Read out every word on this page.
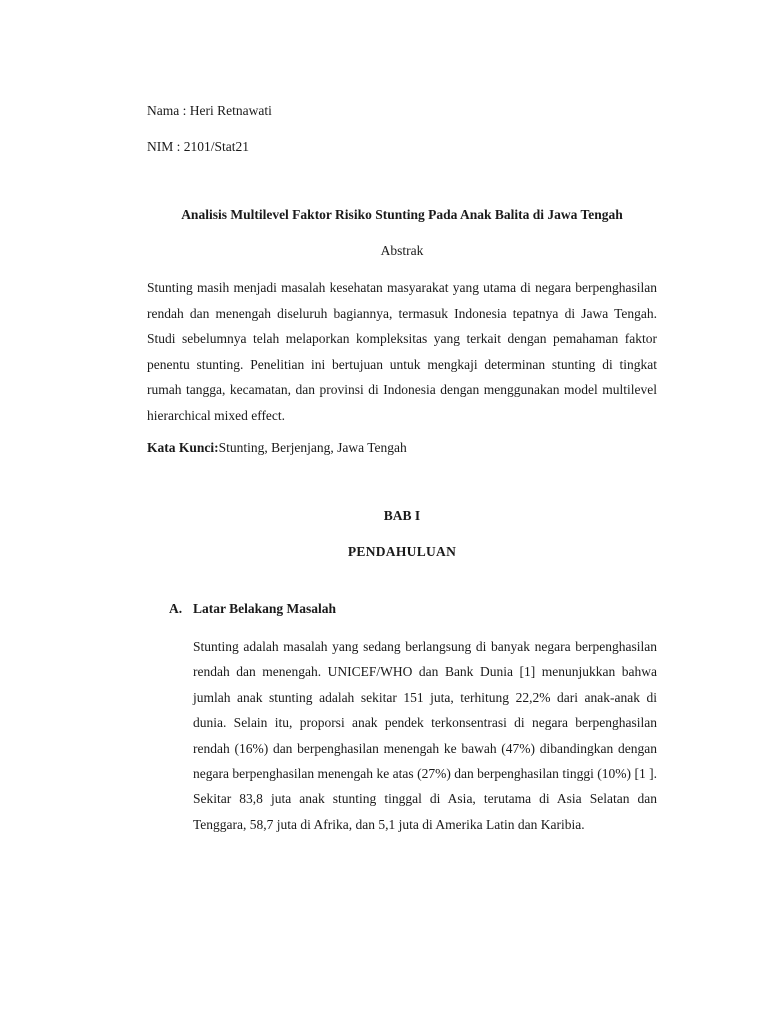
Nama : Heri Retnawati
NIM : 2101/Stat21
Analisis Multilevel Faktor Risiko Stunting Pada Anak Balita di Jawa Tengah
Abstrak
Stunting masih menjadi masalah kesehatan masyarakat yang utama di negara berpenghasilan rendah dan menengah diseluruh bagiannya, termasuk Indonesia tepatnya di Jawa Tengah. Studi sebelumnya telah melaporkan kompleksitas yang terkait dengan pemahaman faktor penentu stunting. Penelitian ini bertujuan untuk mengkaji determinan stunting di tingkat rumah tangga, kecamatan, dan provinsi di Indonesia dengan menggunakan model multilevel hierarchical mixed effect.
Kata Kunci:Stunting, Berjenjang, Jawa Tengah
BAB I
PENDAHULUAN
A. Latar Belakang Masalah
Stunting adalah masalah yang sedang berlangsung di banyak negara berpenghasilan rendah dan menengah. UNICEF/WHO dan Bank Dunia [1] menunjukkan bahwa jumlah anak stunting adalah sekitar 151 juta, terhitung 22,2% dari anak-anak di dunia. Selain itu, proporsi anak pendek terkonsentrasi di negara berpenghasilan rendah (16%) dan berpenghasilan menengah ke bawah (47%) dibandingkan dengan negara berpenghasilan menengah ke atas (27%) dan berpenghasilan tinggi (10%) [1 ]. Sekitar 83,8 juta anak stunting tinggal di Asia, terutama di Asia Selatan dan Tenggara, 58,7 juta di Afrika, dan 5,1 juta di Amerika Latin dan Karibia.
